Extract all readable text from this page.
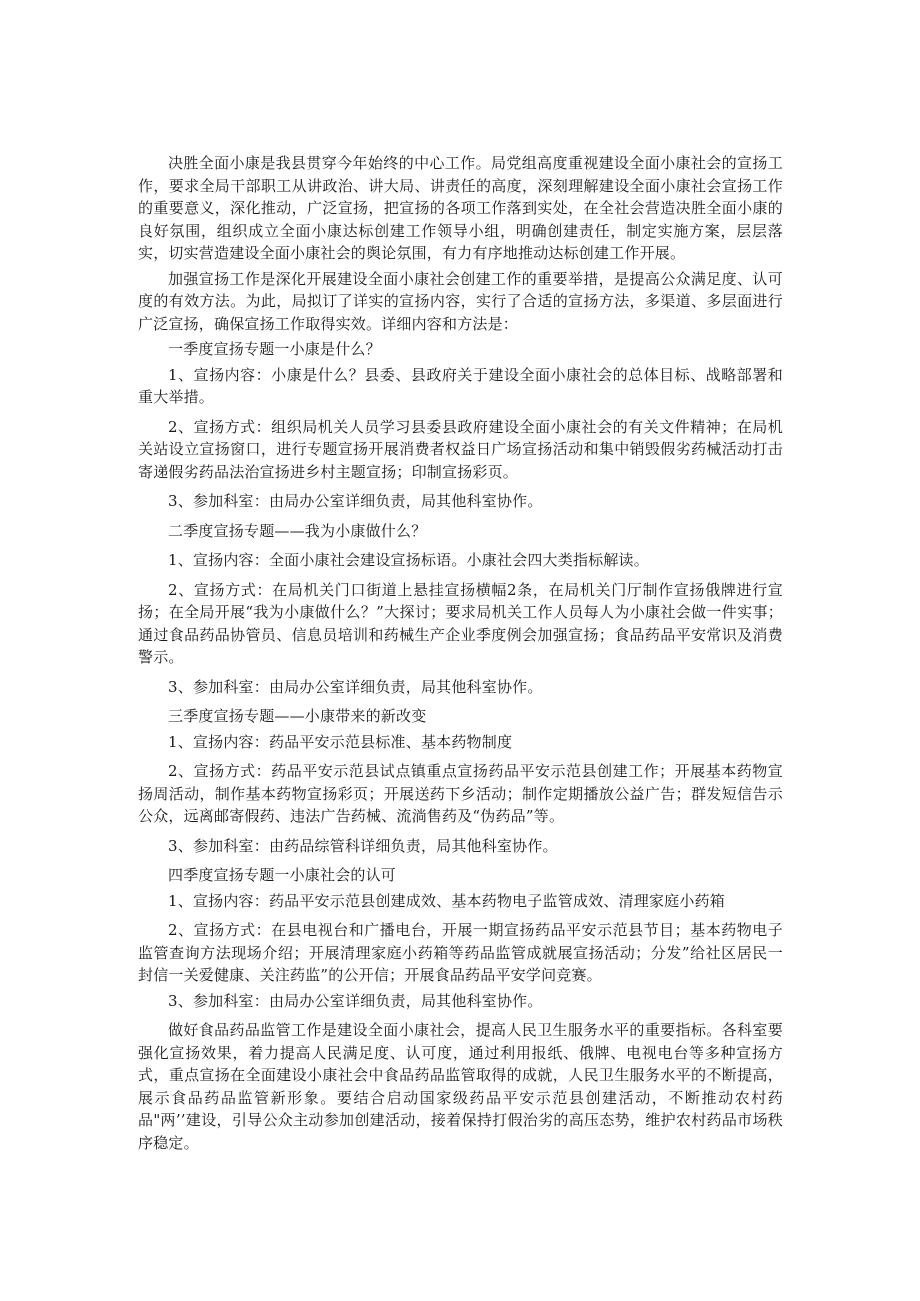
决胜全面小康是我县贯穿今年始终的中心工作。局党组高度重视建设全面小康社会的宣扬工作，要求全局干部职工从讲政治、讲大局、讲责任的高度，深刻理解建设全面小康社会宣扬工作的重要意义，深化推动，广泛宣扬，把宣扬的各项工作落到实处，在全社会营造决胜全面小康的良好氛围，组织成立全面小康达标创建工作领导小组，明确创建责任，制定实施方案，层层落实，切实营造建设全面小康社会的舆论氛围，有力有序地推动达标创建工作开展。

加强宣扬工作是深化开展建设全面小康社会创建工作的重要举措，是提高公众满足度、认可度的有效方法。为此，局拟订了详实的宣扬内容，实行了合适的宣扬方法，多渠道、多层面进行广泛宣扬，确保宣扬工作取得实效。详细内容和方法是：

一季度宣扬专题一小康是什么？

1、宣扬内容：小康是什么？县委、县政府关于建设全面小康社会的总体目标、战略部署和重大举措。

2、宣扬方式：组织局机关人员学习县委县政府建设全面小康社会的有关文件精神；在局机关站设立宣扬窗口，进行专题宣扬开展消费者权益日广场宣扬活动和集中销毁假劣药械活动打击寄递假劣药品法治宣扬进乡村主题宣扬；印制宣扬彩页。

3、参加科室：由局办公室详细负责，局其他科室协作。

二季度宣扬专题——我为小康做什么？

1、宣扬内容：全面小康社会建设宣扬标语。小康社会四大类指标解读。

2、宣扬方式：在局机关门口街道上悬挂宣扬横幅2条，在局机关门厅制作宣扬俄牌进行宣扬；在全局开展“我为小康做什么？”大探讨；要求局机关工作人员每人为小康社会做一件实事；通过食品药品协管员、信息员培训和药械生产企业季度例会加强宣扬；食品药品平安常识及消费警示。

3、参加科室：由局办公室详细负责，局其他科室协作。

三季度宣扬专题——小康带来的新改变

1、宣扬内容：药品平安示范县标准、基本药物制度

2、宣扬方式：药品平安示范县试点镇重点宣扬药品平安示范县创建工作；开展基本药物宣扬周活动，制作基本药物宣扬彩页；开展送药下乡活动；制作定期播放公益广告；群发短信告示公众，远离邮寄假药、违法广告药械、流淌售药及“伪药品”等。

3、参加科室：由药品综管科详细负责，局其他科室协作。

四季度宣扬专题一小康社会的认可

1、宣扬内容：药品平安示范县创建成效、基本药物电子监管成效、清理家庭小药箱

2、宣扬方式：在县电视台和广播电台，开展一期宣扬药品平安示范县节目；基本药物电子监管查询方法现场介绍；开展清理家庭小药箱等药品监管成就展宣扬活动；分发”给社区居民一封信一关爱健康、关注药监”的公开信；开展食品药品平安学问竞赛。

3、参加科室：由局办公室详细负责，局其他科室协作。

做好食品药品监管工作是建设全面小康社会，提高人民卫生服务水平的重要指标。各科室要强化宣扬效果，着力提高人民满足度、认可度，通过利用报纸、俄牌、电视电台等多种宣扬方式，重点宣扬在全面建设小康社会中食品药品监管取得的成就，人民卫生服务水平的不断提高，展示食品药品监管新形象。要结合启动国家级药品平安示范县创建活动，不断推动农村药品"两’’建设，引导公众主动参加创建活动，接着保持打假治劣的高压态势，维护农村药品市场秩序稳定。
